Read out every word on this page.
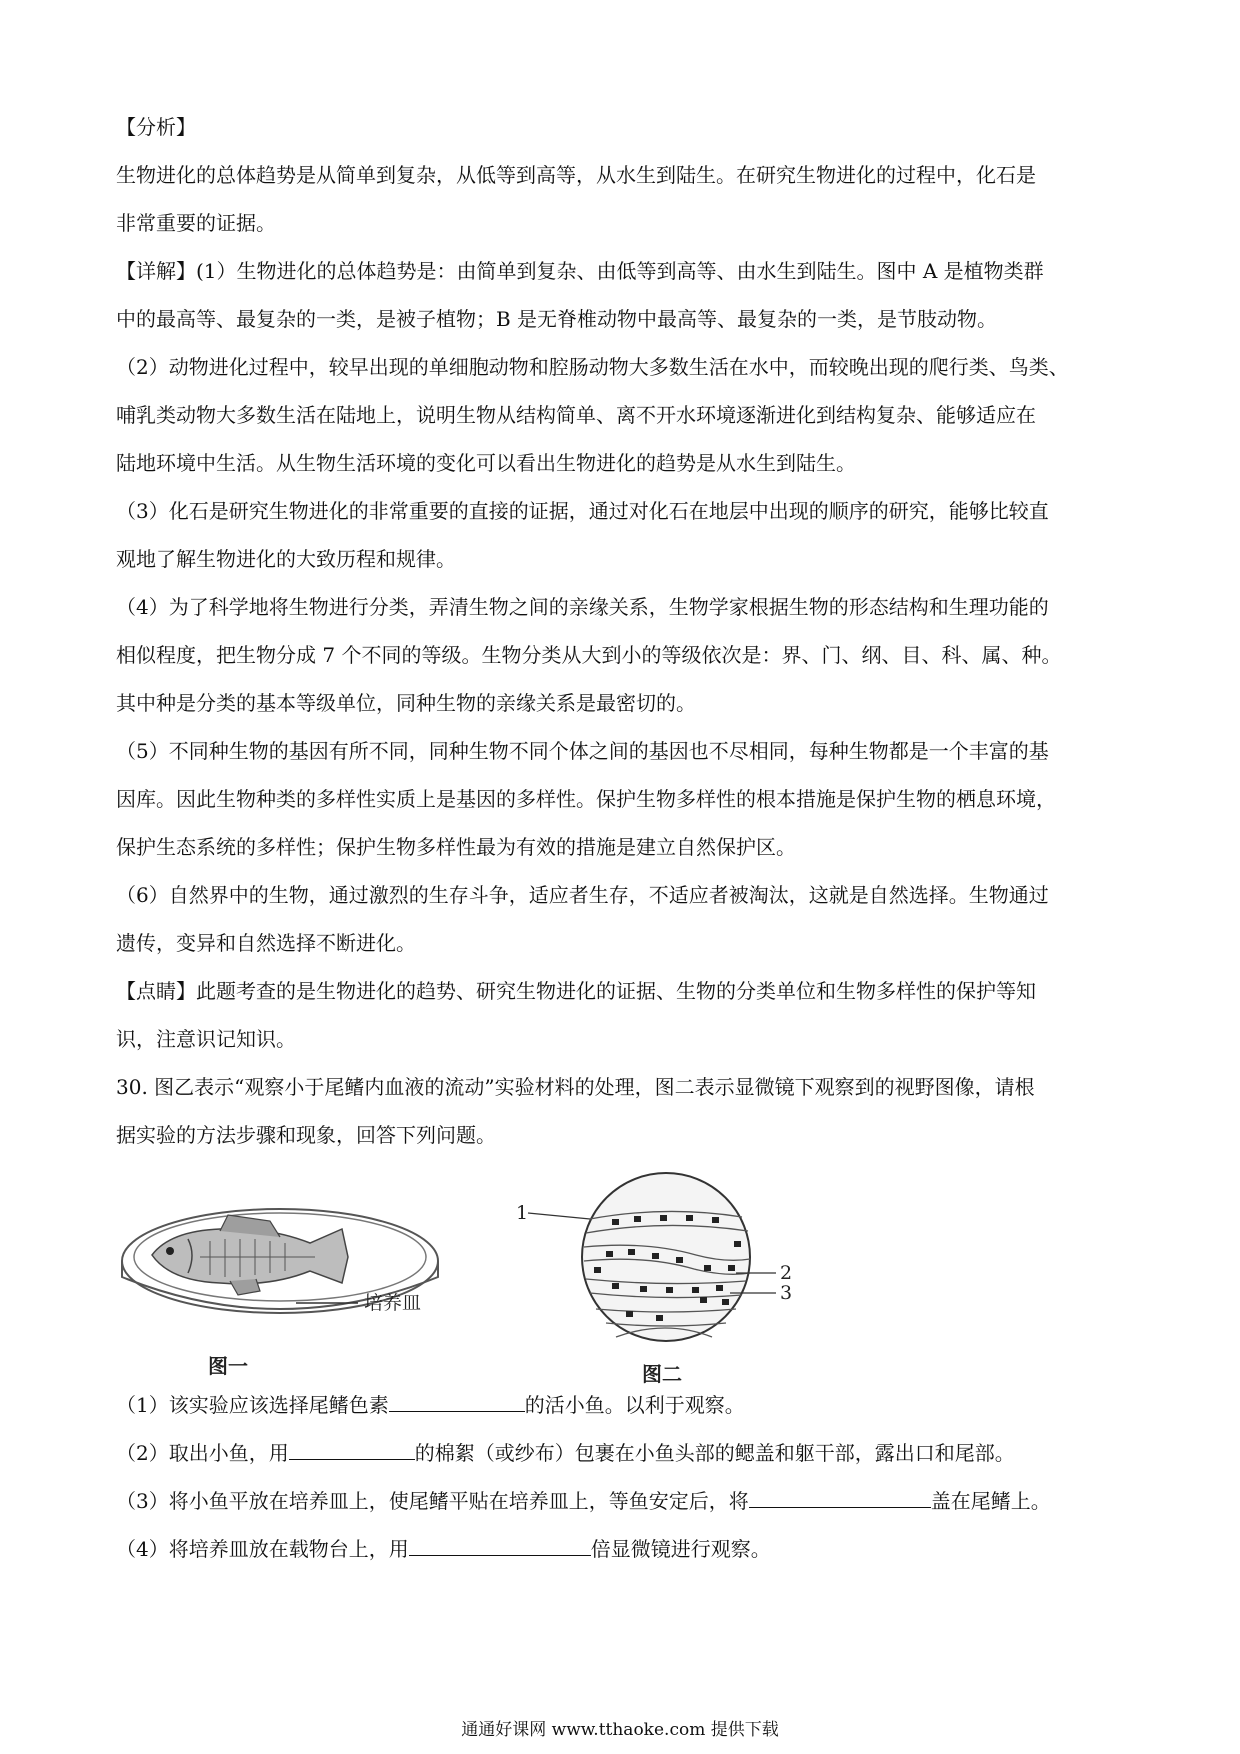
【分析】

生物进化的总体趋势是从简单到复杂，从低等到高等，从水生到陆生。在研究生物进化的过程中，化石是

非常重要的证据。

【详解】(1）生物进化的总体趋势是：由简单到复杂、由低等到高等、由水生到陆生。图中 A 是植物类群

中的最高等、最复杂的一类，是被子植物；B 是无脊椎动物中最高等、最复杂的一类，是节肢动物。

（2）动物进化过程中，较早出现的单细胞动物和腔肠动物大多数生活在水中，而较晚出现的爬行类、鸟类、

哺乳类动物大多数生活在陆地上，说明生物从结构简单、离不开水环境逐渐进化到结构复杂、能够适应在

陆地环境中生活。从生物生活环境的变化可以看出生物进化的趋势是从水生到陆生。

（3）化石是研究生物进化的非常重要的直接的证据，通过对化石在地层中出现的顺序的研究，能够比较直

观地了解生物进化的大致历程和规律。

（4）为了科学地将生物进行分类，弄清生物之间的亲缘关系，生物学家根据生物的形态结构和生理功能的

相似程度，把生物分成 7 个不同的等级。生物分类从大到小的等级依次是：界、门、纲、目、科、属、种。

其中种是分类的基本等级单位，同种生物的亲缘关系是最密切的。

（5）不同种生物的基因有所不同，同种生物不同个体之间的基因也不尽相同，每种生物都是一个丰富的基

因库。因此生物种类的多样性实质上是基因的多样性。保护生物多样性的根本措施是保护生物的栖息环境，

保护生态系统的多样性；保护生物多样性最为有效的措施是建立自然保护区。

（6）自然界中的生物，通过激烈的生存斗争，适应者生存，不适应者被淘汰，这就是自然选择。生物通过

遗传，变异和自然选择不断进化。

【点睛】此题考查的是生物进化的趋势、研究生物进化的证据、生物的分类单位和生物多样性的保护等知

识，注意识记知识。

30. 图乙表示“观察小于尾鳍内血液的流动”实验材料的处理，图二表示显微镜下观察到的视野图像，请根

据实验的方法步骤和现象，回答下列问题。

培养皿
图一
1
2
3
图二

（1）该实验应该选择尾鳍色素	的活小鱼。以利于观察。

（2）取出小鱼，用	的棉絮（或纱布）包裹在小鱼头部的鳃盖和躯干部，露出口和尾部。

（3）将小鱼平放在培养皿上，使尾鳍平贴在培养皿上，等鱼安定后，将	盖在尾鳍上。

（4）将培养皿放在载物台上，用	倍显微镜进行观察。

通通好课网 www.tthaoke.com 提供下载
